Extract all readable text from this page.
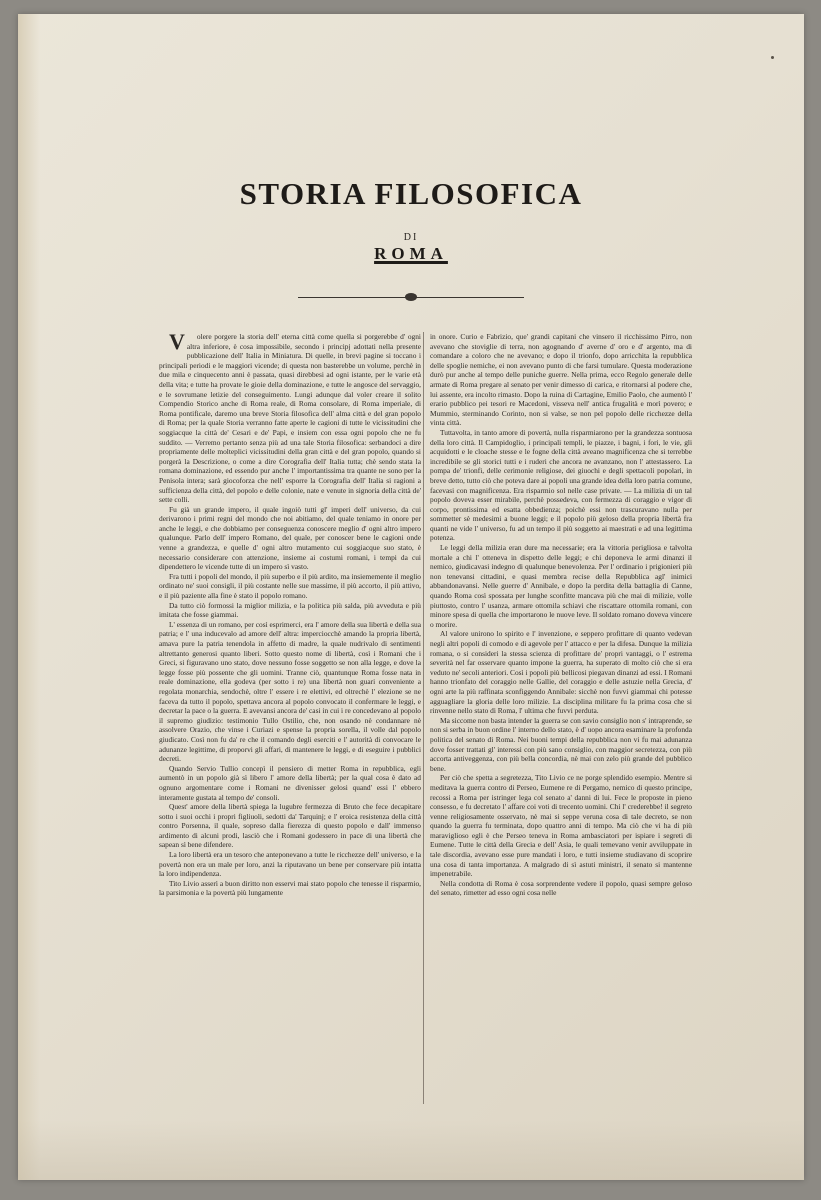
STORIA FILOSOFICA
DI
ROMA

V olere porgere la storia dell' eterna città come quella si porgerebbe d' ogni altra inferiore, è cosa impossibile, secondo i principj adottati nella presente pubblicazione dell' Italia in Miniatura. Di quelle, in brevi pagine si toccano i principali periodi e le maggiori vicende; di questa non basterebbe un volume, perchè in due mila e cinquecento anni è passata, quasi direbbesi ad ogni istante, per le varie età della vita; e tutte ha provate le gioie della dominazione, e tutte le angosce del servaggio, e le sovrumane letizie del conseguimento. Lungi adunque dal voler creare il solito Compendio Storico anche di Roma reale, di Roma consolare, di Roma imperiale, di Roma pontificale, daremo una breve Storia filosofica dell' alma città e del gran popolo di Roma; per la quale Storia verranno fatte aperte le cagioni di tutte le vicissitudini che soggiacque la città de' Cesari e de' Papi, e insiem con essa ogni popolo che ne fu suddito. — Verremo pertanto senza più ad una tale Storia filosofica: serbandoci a dire propriamente delle molteplici vicissitudini della gran città e del gran popolo, quando si porgerà la Descrizione, o come a dire Corografia dell' Italia tutta; chè sendo stata la romana dominazione, ed essendo pur anche l' importantissima tra quante ne sono per la Penisola intera; sarà giocoforza che nell' esporre la Corografia dell' Italia si ragioni a sufficienza della città, del popolo e delle colonie, nate e venute in signoria della città de' sette colli.

Fu già un grande impero, il quale ingoiò tutti gl' imperi dell' universo, da cui derivarono i primi regni del mondo che noi abitiamo, del quale teniamo in onore per anche le leggi, e che dobbiamo per conseguenza conoscere meglio d' ogni altro impero qualunque. Parlo dell' impero Romano, del quale, per conoscer bene le cagioni onde venne a grandezza, e quelle d' ogni altro mutamento cui soggiacque suo stato, è necessario considerare con attenzione, insieme ai costumi romani, i tempi da cui dipendettero le vicende tutte di un impero sì vasto.

Fra tutti i popoli del mondo, il più superbo e il più ardito, ma insiememente il meglio ordinato ne' suoi consigli, il più costante nelle sue massime, il più accorto, il più attivo, e il più paziente alla fine è stato il popolo romano.

Da tutto ciò formossi la miglior milizia, e la politica più salda, più avveduta e più imitata che fosse giammai.

L' essenza di un romano, per così esprimerci, era l' amore della sua libertà e della sua patria; e l' una inducevalo ad amore dell' altra: imperciocchè amando la propria libertà, amava pure la patria tenendola in affetto di madre, la quale nudrivalo di sentimenti altrettanto generosi quanto liberi. Sotto questo nome di libertà, così i Romani che i Greci, si figuravano uno stato, dove nessuno fosse soggetto se non alla legge, e dove la legge fosse più possente che gli uomini. Tranne ciò, quantunque Roma fosse nata in reale dominazione, ella godeva (per sotto i re) una libertà non guari conveniente a regolata monarchia, sendochè, oltre l' essere i re elettivi, ed oltrechè l' elezione se ne faceva da tutto il popolo, spettava ancora al popolo convocato il confermare le leggi, e decretar la pace o la guerra. E avevansi ancora de' casi in cui i re concedevano al popolo il supremo giudizio: testimonio Tullo Ostilio, che, non osando nè condannare nè assolvere Orazio, che vinse i Curiazi e spense la propria sorella, il volle dal popolo giudicato. Così non fu da' re che il comando degli eserciti e l' autorità di convocare le adunanze legittime, di proporvi gli affari, di mantenere le leggi, e di eseguire i pubblici decreti.

Quando Servio Tullio concepì il pensiero di metter Roma in repubblica, egli aumentò in un popolo già sì libero l' amore della libertà; per la qual cosa è dato ad ognuno argomentare come i Romani ne divenisser gelosi quand' essi l' ebbero interamente gustata al tempo de' consoli.

Quest' amore della libertà spiega la lugubre fermezza di Bruto che fece decapitare sotto i suoi occhi i propri figliuoli, sedotti da' Tarquinj; e l' eroica resistenza della città contro Porsenna, il quale, sopreso dalla fierezza di questo popolo e dall' immenso ardimento di alcuni prodi, lasciò che i Romani godessero in pace di una libertà che sapean sì bene difendere.

La loro libertà era un tesoro che anteponevano a tutte le ricchezze dell' universo, e la povertà non era un male per loro, anzi la riputavano un bene per conservare più intatta la loro indipendenza.

Tito Livio asserì a buon diritto non esservi mai stato popolo che tenesse il risparmio, la parsimonia e la povertà più lungamente

in onore. Curio e Fabrizio, que' grandi capitani che vinsero il ricchissimo Pirro, non avevano che stoviglie di terra, non agognando d' averne d' oro e d' argento, ma di comandare a coloro che ne avevano; e dopo il trionfo, dopo arricchita la repubblica delle spoglie nemiche, ei non avevano punto di che farsi tumulare. Questa moderazione durò pur anche al tempo delle puniche guerre. Nella prima, ecco Regolo generale delle armate di Roma pregare al senato per venir dimesso di carica, e ritornarsi al podere che, lui assente, era incolto rimasto. Dopo la ruina di Cartagine, Emilio Paolo, che aumentò l' erario pubblico pei tesori re Macedoni, visseva nell' antica frugalità e morì povero; e Mummio, sterminando Corinto, non si valse, se non pel popolo delle ricchezze della vinta città.

Tuttavolta, in tanto amore di povertà, nulla risparmiarono per la grandezza sontuosa della loro città. Il Campidoglio, i principali templi, le piazze, i bagni, i fori, le vie, gli acquidotti e le cloache stesse e le fogne della città aveano magnificenza che si terrebbe incredibile se gli storici tutti e i ruderi che ancora ne avanzano, non l' attestassero. La pompa de' trionfi, delle cerimonie religiose, dei giuochi e degli spettacoli popolari, in breve detto, tutto ciò che poteva dare ai popoli una grande idea della loro patria comune, facevasi con magnificenza. Era risparmio sol nelle case private. — La milizia di un tal popolo doveva esser mirabile, perchè possedeva, con fermezza di coraggio e vigor di corpo, prontissima ed esatta obbedienza; poichè essi non trascuravano nulla per sommetter sè medesimi a buone leggi; e il popolo più geloso della propria libertà fra quanti ne vide l' universo, fu ad un tempo il più soggetto ai maestrati e ad una legittima potenza.

Le leggi della milizia eran dure ma necessarie; era la vittoria perigliosa e talvolta mortale a chi l' otteneva in dispetto delle leggi; e chi deponeva le armi dinanzi il nemico, giudicavasi indegno di qualunque benevolenza. Per l' ordinario i prigionieri più non tenevansi cittadini, e quasi membra recise della Repubblica agl' inimici abbandonavansi. Nelle guerre d' Annibale, e dopo la perdita della battaglia di Canne, quando Roma così spossata per lunghe sconfitte mancava più che mai di milizie, volle piuttosto, contro l' usanza, armare ottomila schiavi che riscattare ottomila romani, con minore spesa di quella che importarono le nuove leve. Il soldato romano doveva vincere o morire.

Al valore unirono lo spirito e l' invenzione, e seppero profittare di quanto vedevan negli altri popoli di comodo e di agevole per l' attacco e per la difesa. Dunque la milizia romana, o si consideri la stessa scienza di profittare de' propri vantaggi, o l' estrema severità nel far osservare quanto impone la guerra, ha superato di molto ciò che si era veduto ne' secoli anteriori. Così i popoli più bellicosi piegavan dinanzi ad essi. I Romani hanno trionfato del coraggio nelle Gallie, del coraggio e delle astuzie nella Grecia, d' ogni arte la più raffinata sconfiggendo Annibale: sicchè non fuvvi giammai chi potesse agguagliare la gloria delle loro milizie. La disciplina militare fu la prima cosa che si rinvenne nello stato di Roma, l' ultima che fuvvi perduta.

Ma siccome non basta intender la guerra se con savio consiglio non s' intraprende, se non si serba in buon ordine l' interno dello stato, è d' uopo ancora esaminare la profonda politica del senato di Roma. Nei buoni tempi della repubblica non vi fu mai adunanza dove fosser trattati gl' interessi con più sano consiglio, con maggior secretezza, con più accorta antiveggenza, con più bella concordia, nè mai con zelo più grande del pubblico bene.

Per ciò che spetta a segretezza, Tito Livio ce ne porge splendido esempio. Mentre si meditava la guerra contro di Perseo, Eumene re di Pergamo, nemico di questo principe, recossi a Roma per istringer lega col senato a' danni di lui. Fece le proposte in pieno consesso, e fu decretato l' affare coi voti di trecento uomini. Chi l' crederebbe! il segreto venne religiosamente osservato, nè mai si seppe veruna cosa di tale decreto, se non quando la guerra fu terminata, dopo quattro anni di tempo. Ma ciò che vi ha di più maraviglioso egli è che Perseo teneva in Roma ambasciatori per ispiare i segreti di Eumene. Tutte le città della Grecia e dell' Asia, le quali temevano venir avviluppate in tale discordia, avevano esse pure mandati i loro, e tutti insieme studiavano di scoprire una cosa di tanta importanza. A malgrado di sì astuti ministri, il senato si mantenne impenetrabile.

Nella condotta di Roma è cosa sorprendente vedere il popolo, quasi sempre geloso del senato, rimetter ad esso ogni cosa nelle
